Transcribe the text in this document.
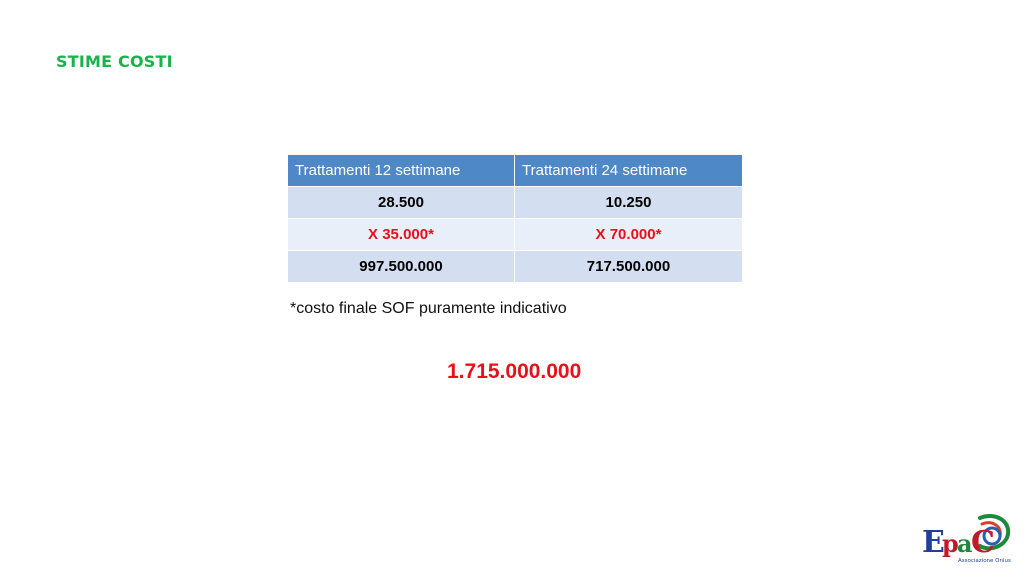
STIME COSTI
Trattamenti 12 settimane	Trattamenti 24 settimane
28.500	10.250
X 35.000*	X 70.000*
997.500.000	717.500.000
*costo finale SOF puramente indicativo
1.715.000.000
E
p
a
C
Associazione Onlus
